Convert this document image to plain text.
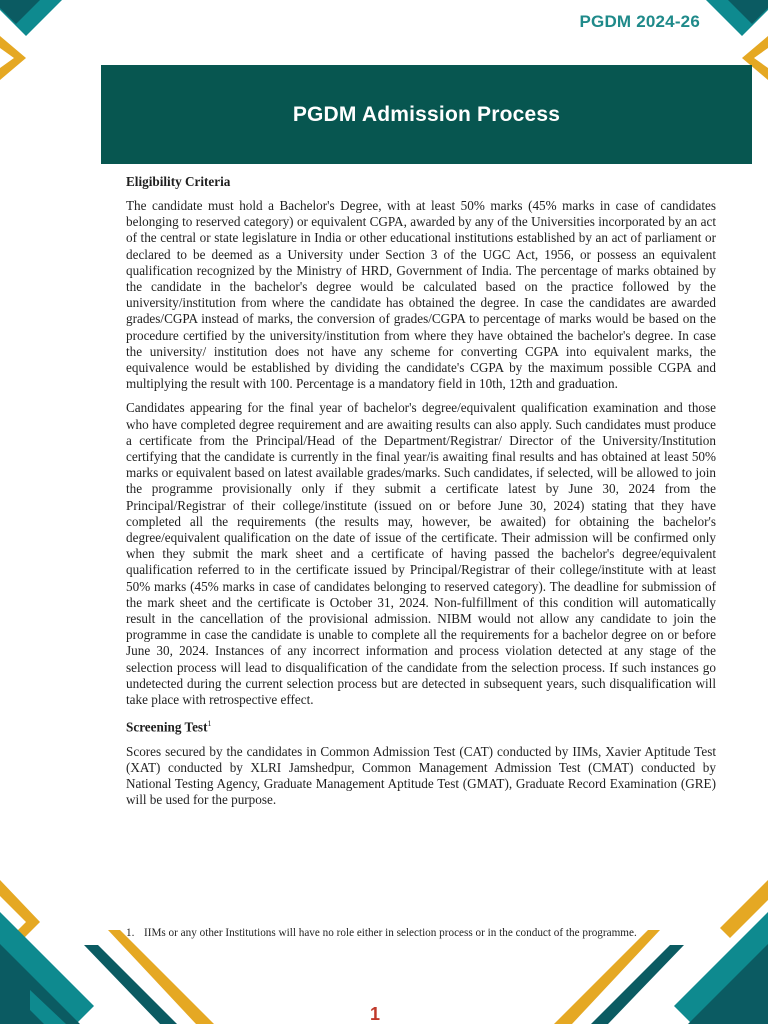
PGDM 2024-26
PGDM Admission Process
Eligibility Criteria

The candidate must hold a Bachelor's Degree, with at least 50% marks (45% marks in case of candidates belonging to reserved category) or equivalent CGPA, awarded by any of the Universities incorporated by an act of the central or state legislature in India or other educational institutions established by an act of parliament or declared to be deemed as a University under Section 3 of the UGC Act, 1956, or possess an equivalent qualification recognized by the Ministry of HRD, Government of India. The percentage of marks obtained by the candidate in the bachelor's degree would be calculated based on the practice followed by the university/institution from where the candidate has obtained the degree. In case the candidates are awarded grades/CGPA instead of marks, the conversion of grades/CGPA to percentage of marks would be based on the procedure certified by the university/institution from where they have obtained the bachelor's degree. In case the university/ institution does not have any scheme for converting CGPA into equivalent marks, the equivalence would be established by dividing the candidate's CGPA by the maximum possible CGPA and multiplying the result with 100. Percentage is a mandatory field in 10th, 12th and graduation.

Candidates appearing for the final year of bachelor's degree/equivalent qualification examination and those who have completed degree requirement and are awaiting results can also apply. Such candidates must produce a certificate from the Principal/Head of the Department/Registrar/ Director of the University/Institution certifying that the candidate is currently in the final year/is awaiting final results and has obtained at least 50% marks or equivalent based on latest available grades/marks. Such candidates, if selected, will be allowed to join the programme provisionally only if they submit a certificate latest by June 30, 2024 from the Principal/Registrar of their college/institute (issued on or before June 30, 2024) stating that they have completed all the requirements (the results may, however, be awaited) for obtaining the bachelor's degree/equivalent qualification on the date of issue of the certificate. Their admission will be confirmed only when they submit the mark sheet and a certificate of having passed the bachelor's degree/equivalent qualification referred to in the certificate issued by Principal/Registrar of their college/institute with at least 50% marks (45% marks in case of candidates belonging to reserved category). The deadline for submission of the mark sheet and the certificate is October 31, 2024. Non-fulfillment of this condition will automatically result in the cancellation of the provisional admission. NIBM would not allow any candidate to join the programme in case the candidate is unable to complete all the requirements for a bachelor degree on or before June 30, 2024. Instances of any incorrect information and process violation detected at any stage of the selection process will lead to disqualification of the candidate from the selection process. If such instances go undetected during the current selection process but are detected in subsequent years, such disqualification will take place with retrospective effect.

Screening Test$^1$

Scores secured by the candidates in Common Admission Test (CAT) conducted by IIMs, Xavier Aptitude Test (XAT) conducted by XLRI Jamshedpur, Common Management Admission Test (CMAT) conducted by National Testing Agency, Graduate Management Aptitude Test (GMAT), Graduate Record Examination (GRE) will be used for the purpose.

1. IIMs or any other Institutions will have no role either in selection process or in the conduct of the programme.
1
